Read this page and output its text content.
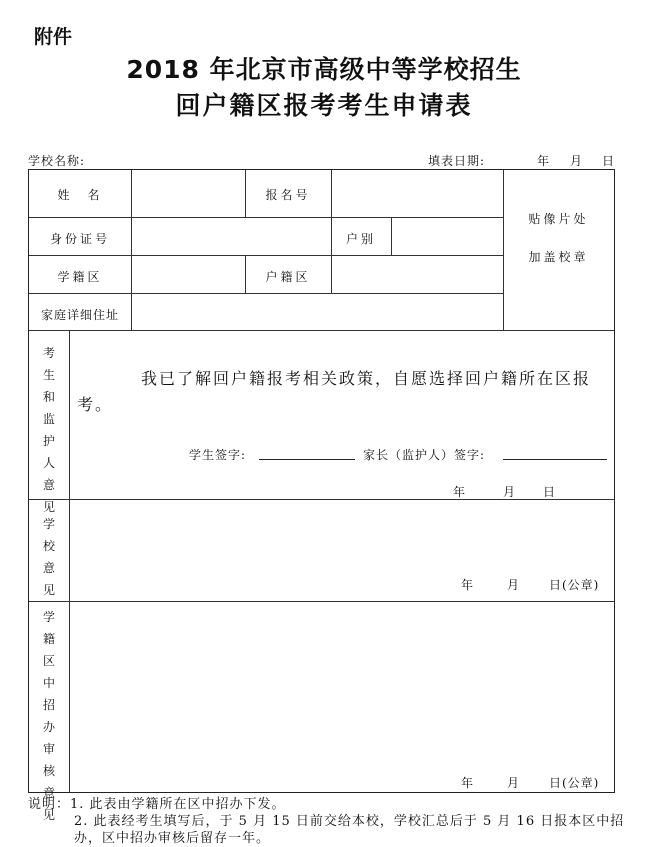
附件
2018 年北京市高级中等学校招生
回户籍区报考考生申请表
学校名称:	填表日期:	年 月 日
姓　名	报名号
身份证号	户别
学籍区	户籍区
家庭详细住址
贴像片处
加盖校章
考生和监护人意见
我已了解回户籍报考相关政策，自愿选择回户籍所在区报考。
学生签字:	家长（监护人）签字:
年	月 日
学校意见	年	月 日(公章)
学籍区中招办审核意见
年	月 日(公章)
说明：1. 此表由学籍所在区中招办下发。
2. 此表经考生填写后，于 5 月 15 日前交给本校，学校汇总后于 5 月 16 日报本区中招办，区中招办审核后留存一年。
